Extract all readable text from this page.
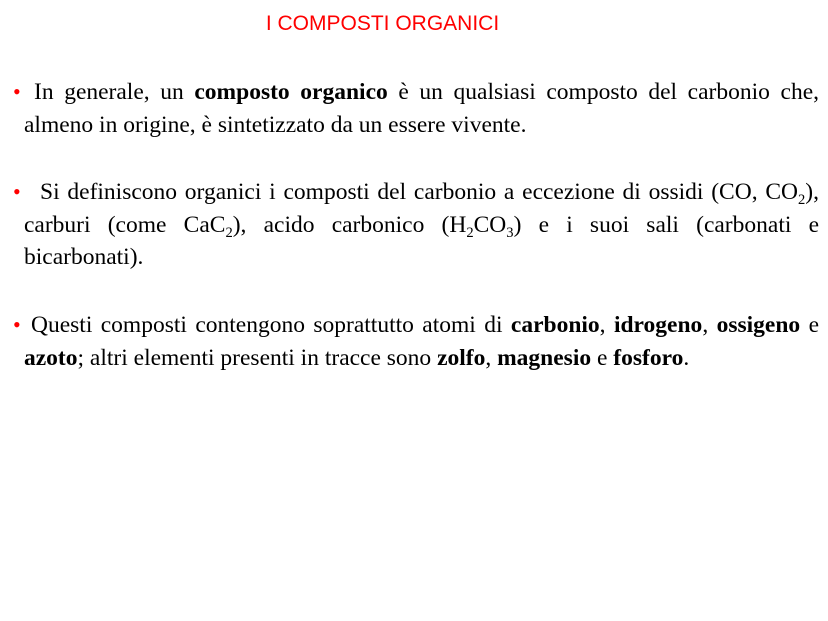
I COMPOSTI ORGANICI
• In generale, un composto organico è un qualsiasi composto del carbonio che, almeno in origine, è sintetizzato da un essere vivente.
• Si definiscono organici i composti del carbonio a eccezione di ossidi (CO, $CO_2$), carburi (come CaC$_2$), acido carbonico $(H_2CO_3)$ e i suoi sali (carbonati e bicarbonati).
• Questi composti contengono soprattutto atomi di carbonio, idrogeno, ossigeno e azoto; altri elementi presenti in tracce sono zolfo, magnesio e fosforo.
